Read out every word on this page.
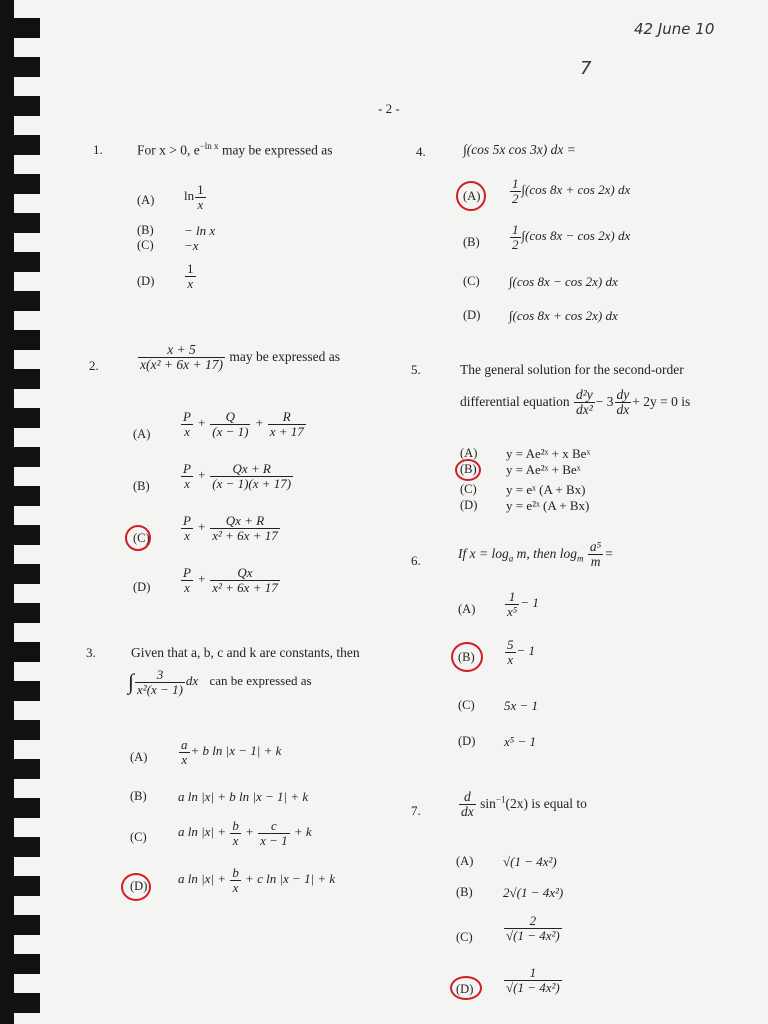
42 June 10
7
- 2 -
1.	For x > 0, $e^{-ln x}$ may be expressed as
(A) $\ln \frac{1}{x}$
(B) − ln x
(C) −x
$(D) \frac{1}{x}$
2.	$\frac{x + 5}{\text{x(x² + 6x + 17)}}$ may be expressed as
$(A) \frac{P}{x} + \frac{Q}{(x - 1)} + \frac{R}{x + 17}$
$(B) \frac{P}{x} + \frac{Qx + R}{(x - 1)(x + 17)}$
$(C) \frac{P}{x} + \frac{Qx + R}{\text{x² + 6x + 17}}$
$(D) \frac{P}{x} + \frac{Qx}{\text{x² + 6x + 17}}$
3.	Given that a, b, c and k are constants, then
∫ $\frac{3}{\text{x²(x − 1)}}$ dx can be expressed as
$(A) \frac{a}{x} + b$ ln |x − 1| + k
(B) a ln |x| + b ln |x − 1| + k
(C) a $\ln |x| + \frac{b}{x} + \frac{c}{x - 1} + k$
(D) a $\ln |x| + \frac{b}{x} + c$ ln |x − 1| + k
4.	∫(cos 5x cos 3x) dx =
$(A) \frac{1}{2} \int(\cos$ 8x + cos 2x) dx
$(B) \frac{1}{2} \int(\cos$ 8x − cos 2x) dx
(C) ∫(cos 8x − cos 2x) dx
(D) ∫(cos 8x + cos 2x) dx
5.	The general solution for the second-order
differential equation $\frac{\text{d²y}}{\text{dx²}} - 3 \frac{dy}{dx} + 2y = 0$ is
(A) y = Ae²ˣ + x Beˣ
(B) y = Ae²ˣ + Beˣ
(C) y = eˣ (A + Bx)
(D) y = e²ˣ (A + Bx)
6.	If $x = \log_a m$, then $\log_m \frac{\text{a⁵}}{m}$ =
$(A) \frac{1}{\text{x⁵}} - 1$
$(B) \frac{5}{x} - 1$
(C) 5x − 1
(D) x⁵ − 1
7.	$\frac{d}{dx} \sin^{-1}(2x)$ is equal to
(A) √(1 − 4x²)
(B) 2√(1 − 4x²)
$(C) \frac{2}{\text{√(1 − 4x²)}}$
$(D) \frac{1}{\text{√(1 − 4x²)}}$
